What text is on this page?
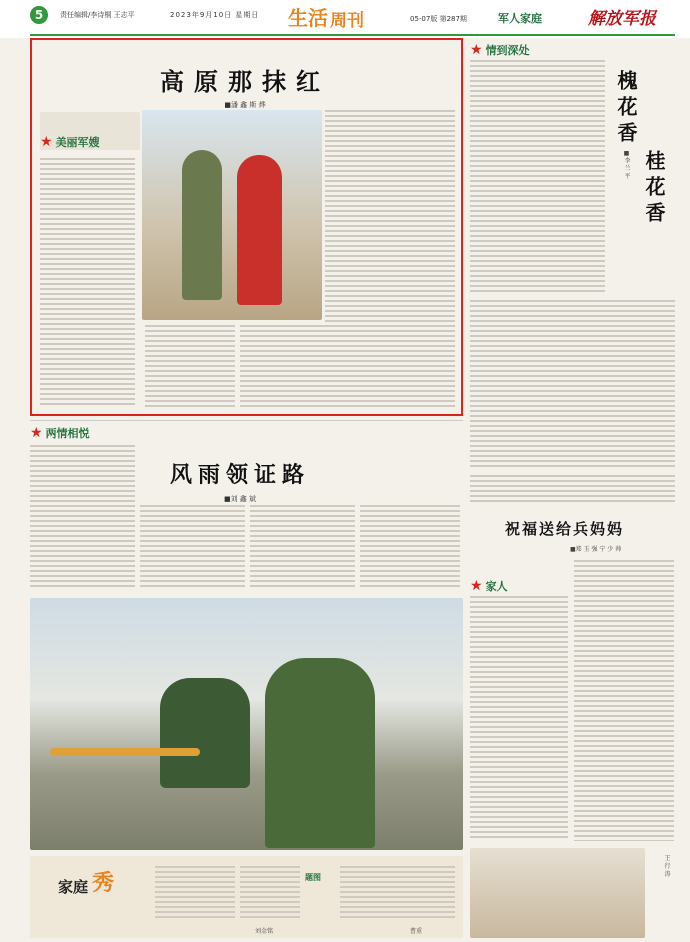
5	责任编辑/李诗桐 王志平	2023年9月10日 星期日 生活 周刊	05-07版 第287期	军人家庭	解放军报
高原那抹红
■潘 鑫 斯 烨
★ 美丽军嫂
★ 情到深处
槐花香
桂花香
■李 兰 平
★ 两情相悦
风雨领证路
■刘 鑫 斌
祝福送给兵妈妈
■郑 玉 强 宁 少 帅
★ 家人
王 行 涛
家庭 秀
刘金铭
题图
曹重
